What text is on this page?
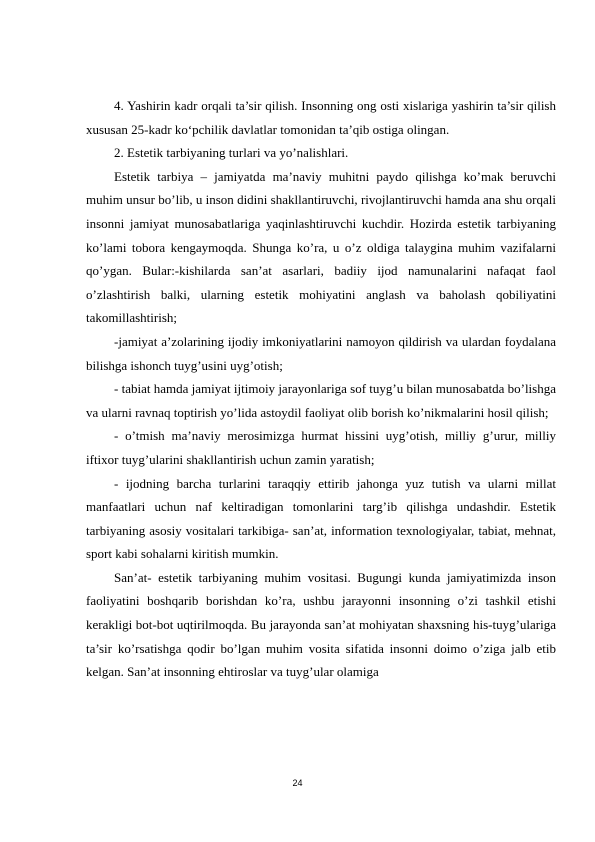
4. Yashirin kadr orqali ta’sir qilish. Insonning ong osti xislariga yashirin ta’sir qilish xususan 25-kadr ko‘pchilik davlatlar tomonidan ta’qib ostiga olingan.

2. Estetik tarbiyaning turlari va yo’nalishlari.

Estetik tarbiya – jamiyatda ma’naviy muhitni paydo qilishga ko’mak beruvchi muhim unsur bo’lib, u inson didini shakllantiruvchi, rivojlantiruvchi hamda ana shu orqali insonni jamiyat munosabatlariga yaqinlashtiruvchi kuchdir. Hozirda estetik tarbiyaning ko’lami tobora kengaymoqda. Shunga ko’ra, u o’z oldiga talaygina muhim vazifalarni qo’ygan. Bular:-kishilarda san’at asarlari, badiiy ijod namunalarini nafaqat faol o’zlashtirish balki, ularning estetik mohiyatini anglash va baholash qobiliyatini takomillashtirish;

-jamiyat a’zolarining ijodiy imkoniyatlarini namoyon qildirish va ulardan foydalana bilishga ishonch tuyg’usini uyg’otish;

- tabiat hamda jamiyat ijtimoiy jarayonlariga sof tuyg’u bilan munosabatda bo’lishga va ularni ravnaq toptirish yo’lida astoydil faoliyat olib borish ko’nikmalarini hosil qilish;

- o’tmish ma’naviy merosimizga hurmat hissini uyg’otish, milliy g’urur, milliy iftixor tuyg’ularini shakllantirish uchun zamin yaratish;

- ijodning barcha turlarini taraqqiy ettirib jahonga yuz tutish va ularni millat manfaatlari uchun naf keltiradigan tomonlarini targ’ib qilishga undashdir. Estetik tarbiyaning asosiy vositalari tarkibiga- san’at, information texnologiyalar, tabiat, mehnat, sport kabi sohalarni kiritish mumkin.

San’at- estetik tarbiyaning muhim vositasi. Bugungi kunda jamiyatimizda inson faoliyatini boshqarib borishdan ko’ra, ushbu jarayonni insonning o’zi tashkil etishi kerakligi bot-bot uqtirilmoqda. Bu jarayonda san’at mohiyatan shaxsning his-tuyg’ulariga ta’sir ko’rsatishga qodir bo’lgan muhim vosita sifatida insonni doimo o’ziga jalb etib kelgan. San’at insonning ehtiroslar va tuyg’ular olamiga

24
